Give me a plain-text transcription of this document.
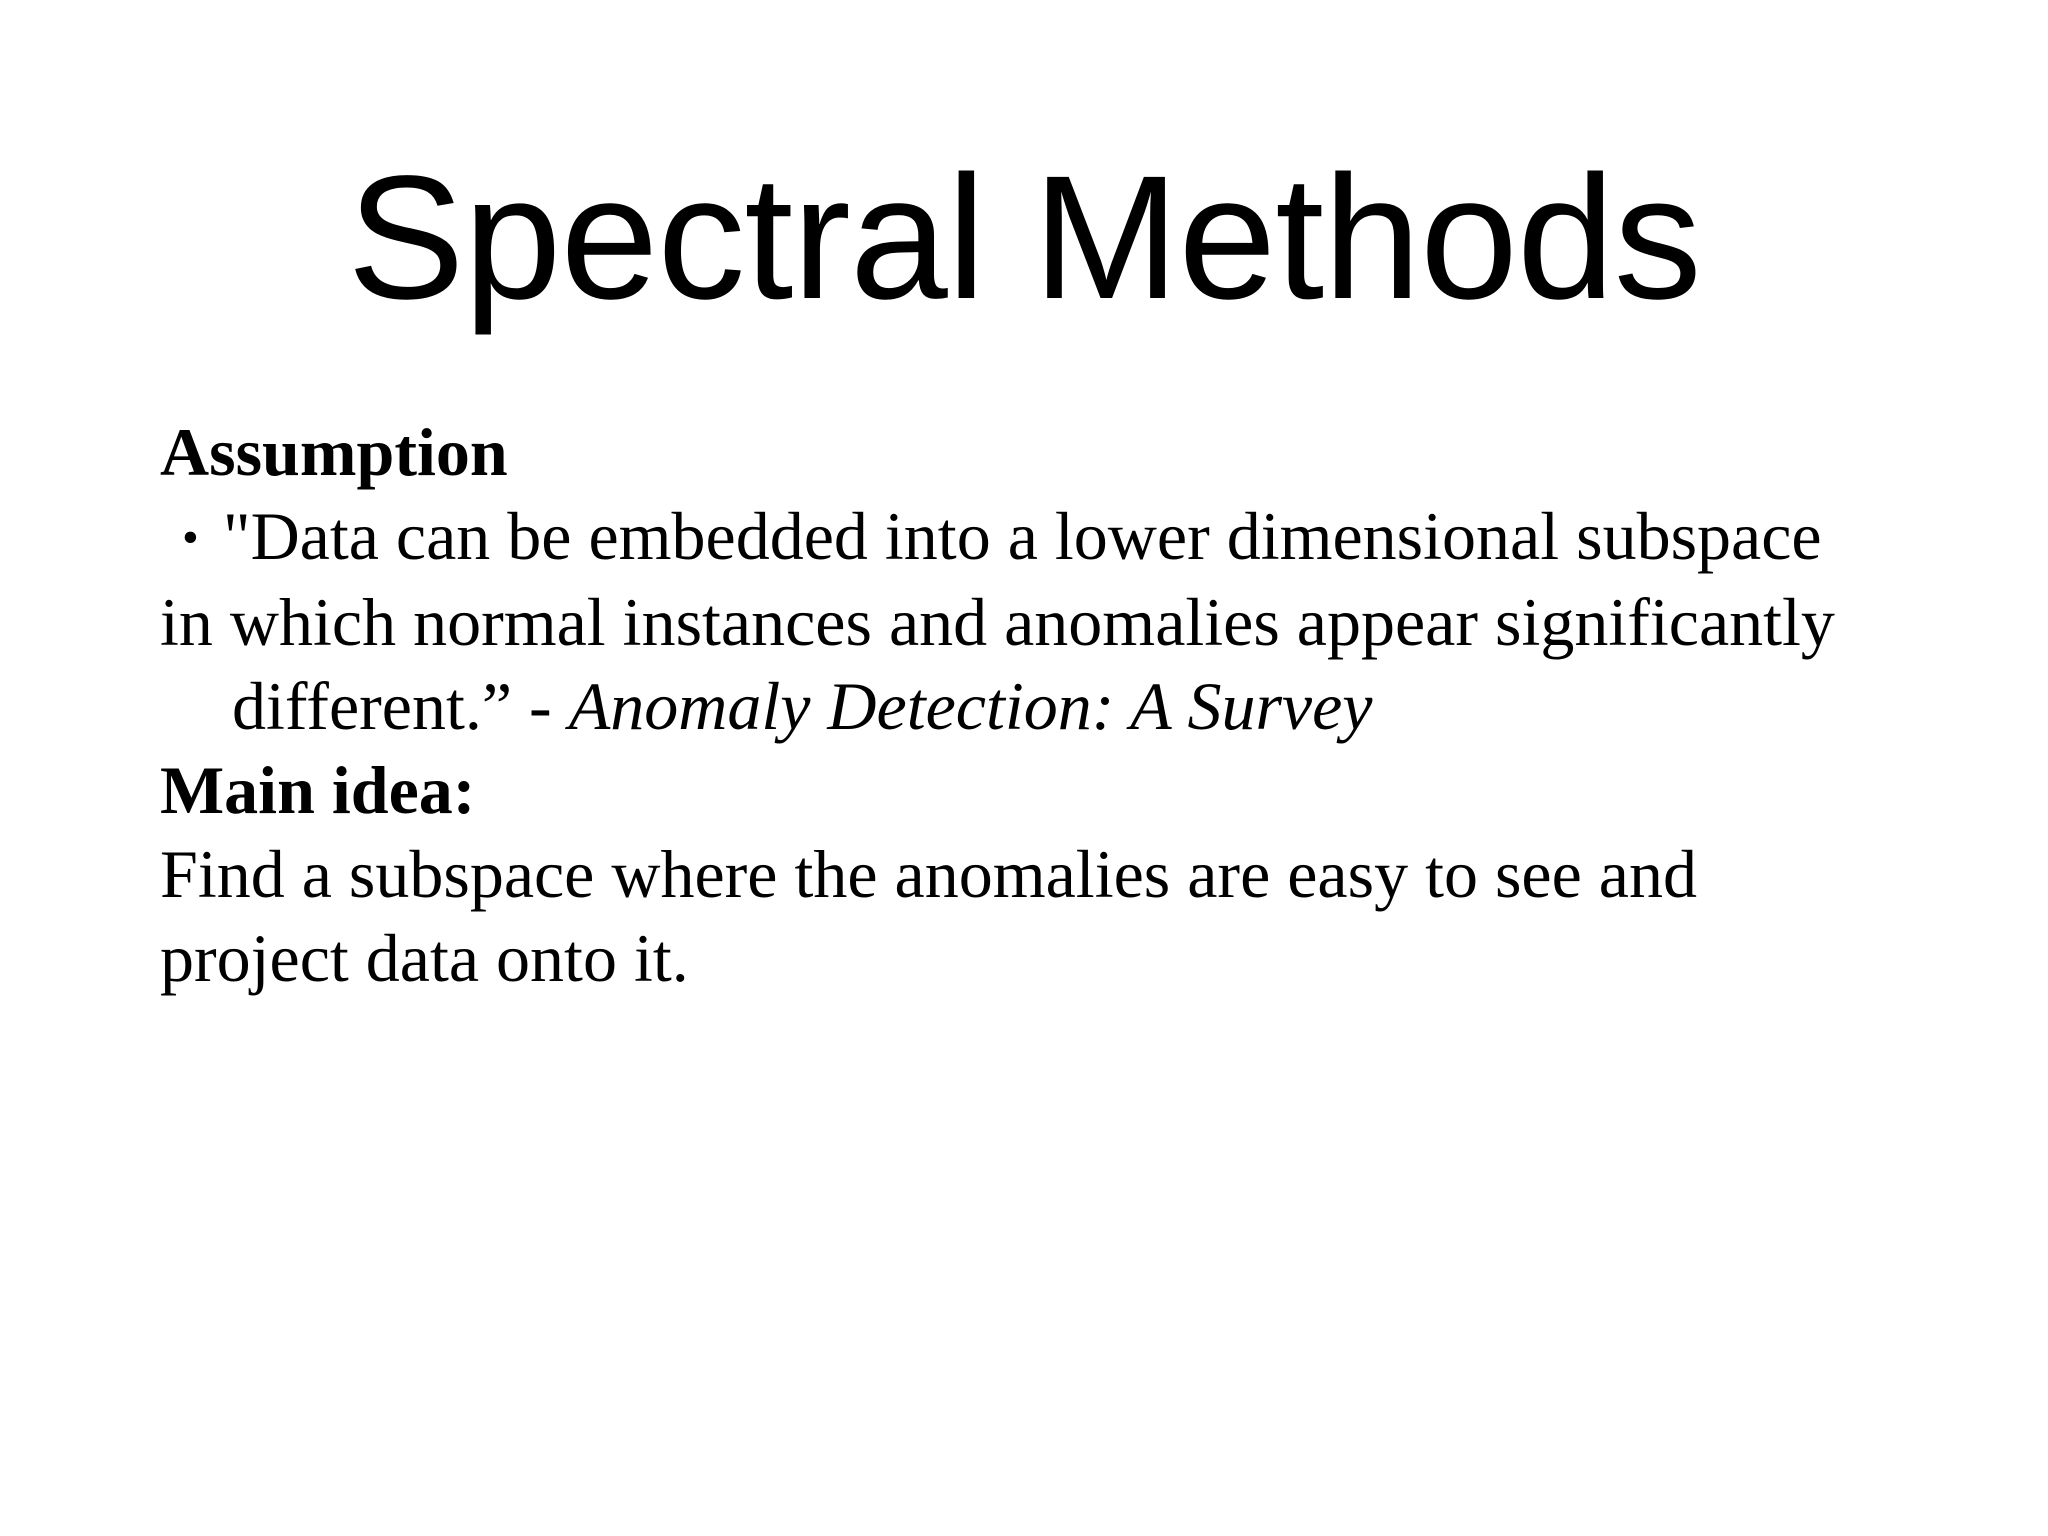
Spectral Methods
Assumption
• "Data can be embedded into a lower dimensional subspace
in which normal instances and anomalies appear significantly
different.” - Anomaly Detection: A Survey
Main idea:
Find a subspace where the anomalies are easy to see and
project data onto it.
